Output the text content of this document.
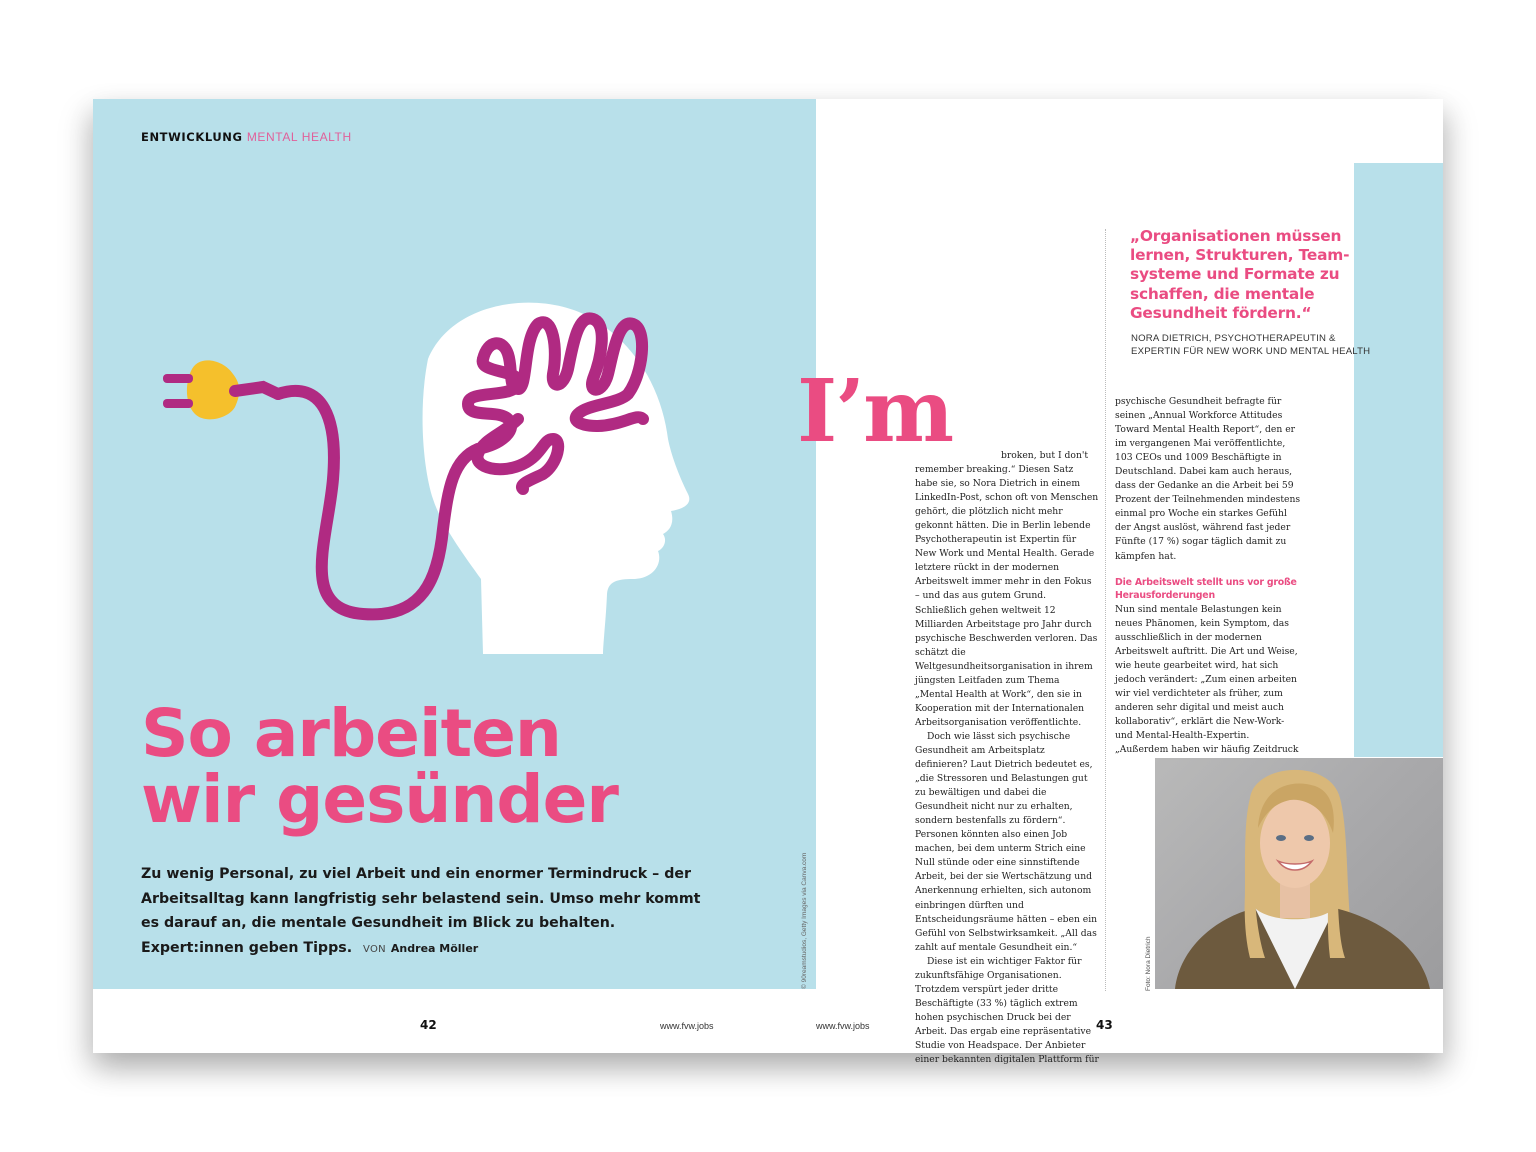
ENTWICKLUNG MENTAL HEALTH
So arbeiten
wir gesünder
Zu wenig Personal, zu viel Arbeit und ein enormer Termindruck – der Arbeitsalltag kann langfristig sehr belastend sein. Umso mehr kommt es darauf an, die mentale Gesundheit im Blick zu behalten. Expert:innen geben Tipps. VON Andrea Möller	© 90reamstudios, Getty Images via Canva.com
42	www.fvw.jobs
„Organisationen müssen lernen, Strukturen, Team-systeme und Formate zu schaffen, die mentale Gesundheit fördern.“
NORA DIETRICH, PSYCHOTHERAPEUTIN &
EXPERTIN FÜR NEW WORK UND MENTAL HEALTH
I’m	broken, but I don't
remember breaking.“ Diesen Satz habe sie, so Nora Dietrich in einem LinkedIn-Post, schon oft von Menschen gehört, die plötzlich nicht mehr gekonnt hätten. Die in Berlin lebende Psychotherapeutin ist Expertin für New Work und Mental Health. Gerade letztere rückt in der modernen Arbeitswelt immer mehr in den Fokus – und das aus gutem Grund. Schließlich gehen weltweit 12 Milliarden Arbeitstage pro Jahr durch psychische Beschwerden verloren. Das schätzt die Weltgesundheitsorganisation in ihrem jüngsten Leitfaden zum Thema „Mental Health at Work“, den sie in Kooperation mit der Internationalen Arbeitsorganisation veröffentlichte.
Doch wie lässt sich psychische Gesundheit am Arbeitsplatz definieren? Laut Dietrich bedeutet es, „die Stressoren und Belastungen gut zu bewältigen und dabei die Gesundheit nicht nur zu erhalten, sondern bestenfalls zu fördern“. Personen könnten also einen Job machen, bei dem unterm Strich eine Null stünde oder eine sinnstiftende Arbeit, bei der sie Wertschätzung und Anerkennung erhielten, sich autonom einbringen dürften und Entscheidungsräume hätten – eben ein Gefühl von Selbstwirksamkeit. „All das zahlt auf mentale Gesundheit ein.“
Diese ist ein wichtiger Faktor für zukunftsfähige Organisationen. Trotzdem verspürt jeder dritte Beschäftigte (33 %) täglich extrem hohen psychischen Druck bei der Arbeit. Das ergab eine repräsentative Studie von Headspace. Der Anbieter einer bekannten digitalen Plattform für
psychische Gesundheit befragte für seinen „Annual Workforce Attitudes Toward Mental Health Report“, den er im vergangenen Mai veröffentlichte, 103 CEOs und 1009 Beschäftigte in Deutschland. Dabei kam auch heraus, dass der Gedanke an die Arbeit bei 59 Prozent der Teilnehmenden mindestens einmal pro Woche ein starkes Gefühl der Angst auslöst, während fast jeder Fünfte (17 %) sogar täglich damit zu kämpfen hat.
Die Arbeitswelt stellt uns vor große Herausforderungen
Nun sind mentale Belastungen kein neues Phänomen, kein Symptom, das ausschließlich in der modernen Arbeitswelt auftritt. Die Art und Weise, wie heute gearbeitet wird, hat sich jedoch verändert: „Zum einen arbeiten wir viel verdichteter als früher, zum anderen sehr digital und meist auch kollaborativ“, erklärt die New-Work- und Mental-Health-Expertin. „Außerdem haben wir häufig Zeitdruck
Foto: Nora Dietrich
www.fvw.jobs	43
